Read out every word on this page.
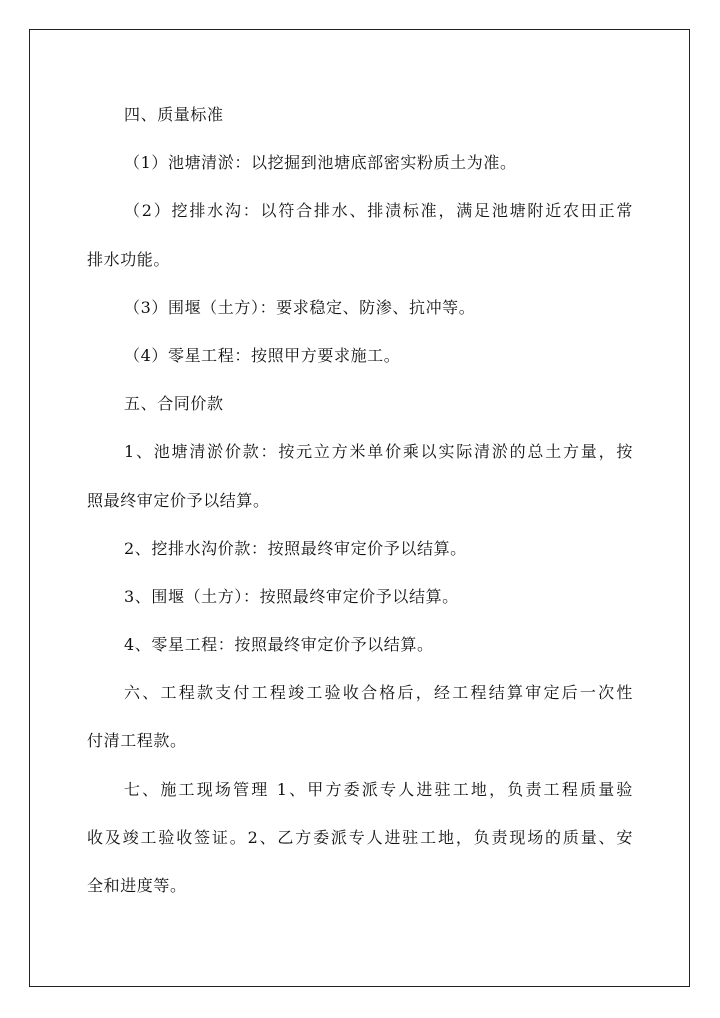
四、质量标准
（1）池塘清淤：以挖掘到池塘底部密实粉质土为准。
（2）挖排水沟：以符合排水、排渍标准，满足池塘附近农田正常
排水功能。
（3）围堰（土方）：要求稳定、防渗、抗冲等。
（4）零星工程：按照甲方要求施工。
五、合同价款
1、池塘清淤价款：按元立方米单价乘以实际清淤的总土方量，按
照最终审定价予以结算。
2、挖排水沟价款：按照最终审定价予以结算。
3、围堰（土方）：按照最终审定价予以结算。
4、零星工程：按照最终审定价予以结算。
六、工程款支付工程竣工验收合格后，经工程结算审定后一次性
付清工程款。
七、施工现场管理 1、甲方委派专人进驻工地，负责工程质量验
收及竣工验收签证。2、乙方委派专人进驻工地，负责现场的质量、安
全和进度等。
